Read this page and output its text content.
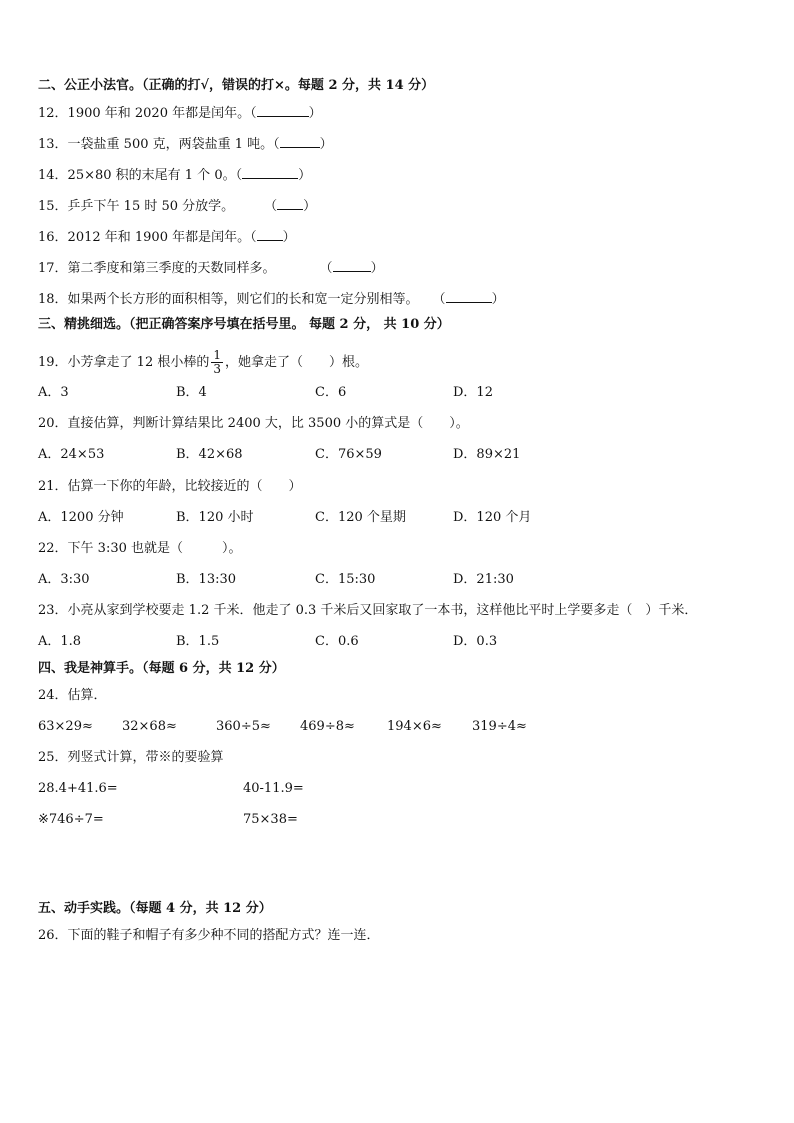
二、公正小法官。（正确的打√，错误的打×。每题 2 分，共 14 分）
12．1900 年和 2020 年都是闰年。（	）
13．一袋盐重 500 克，两袋盐重 1 吨。（	）
14．25×80 积的末尾有 1 个 0。（	）
15．乒乒下午 15 时 50 分放学。 （ ）
16．2012 年和 1900 年都是闰年。（ ）
17．第二季度和第三季度的天数同样多。	（	）
18．如果两个长方形的面积相等，则它们的长和宽一定分别相等。 （	）
三、精挑细选。（把正确答案序号填在括号里。 每题 2 分， 共 10 分）
19．小芳拿走了 12 根小棒的 $\frac{1}{3}$ ，她拿走了（　　）根。
A．3	B．4	C．6	D．12
20．直接估算，判断计算结果比 2400 大，比 3500 小的算式是（　　）。
A．24×53	B．42×68	C．76×59	D．89×21
21．估算一下你的年龄，比较接近的（　　）
A．1200 分钟	B．120 小时	C．120 个星期	D．120 个月
22．下午 3:30 也就是（　　　）。
A．3:30	B．13:30	C．15:30	D．21:30
23．小亮从家到学校要走 1.2 千米．他走了 0.3 千米后又回家取了一本书，这样他比平时上学要多走（　）千米．
A．1.8	B．1.5	C．0.6	D．0.3
四、我是神算手。（每题 6 分，共 12 分）
24．估算．
63×29≈ 32×68≈	360÷5≈ 469÷8≈ 194×6≈ 319÷4≈
25．列竖式计算，带※的要验算
28.4+41.6=	40-11.9=
※746÷7=	75×38=
五、动手实践。（每题 4 分，共 12 分）
26．下面的鞋子和帽子有多少种不同的搭配方式？连一连．
